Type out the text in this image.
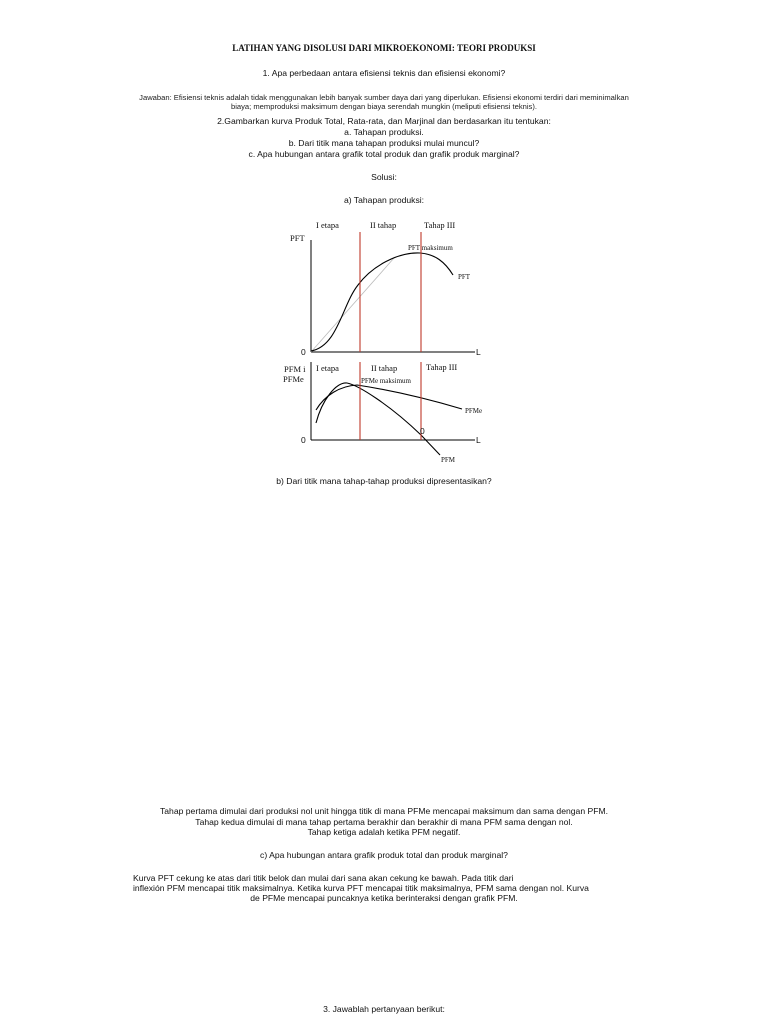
LATIHAN YANG DISOLUSI DARI MIKROEKONOMI: TEORI PRODUKSI
1. Apa perbedaan antara efisiensi teknis dan efisiensi ekonomi?
Jawaban: Efisiensi teknis adalah tidak menggunakan lebih banyak sumber daya dari yang diperlukan. Efisiensi ekonomi terdiri dari meminimalkan
biaya; memproduksi maksimum dengan biaya serendah mungkin (meliputi efisiensi teknis).
2.Gambarkan kurva Produk Total, Rata-rata, dan Marjinal dan berdasarkan itu tentukan:
a. Tahapan produksi.
b. Dari titik mana tahapan produksi mulai muncul?
c. Apa hubungan antara grafik total produk dan grafik produk marginal?
Solusi:
a) Tahapan produksi:
I etapa	II tahap	Tahap III
PFT
PFT maksimum
PFT
0	L
I etapa	II tahap	Tahap III
PFM i
PFMe	PFMe maksimum
PFMe
PFM
0
0
L
b) Dari titik mana tahap-tahap produksi dipresentasikan?
Tahap pertama dimulai dari produksi nol unit hingga titik di mana PFMe mencapai maksimum dan sama dengan PFM.
Tahap kedua dimulai di mana tahap pertama berakhir dan berakhir di mana PFM sama dengan nol.
Tahap ketiga adalah ketika PFM negatif.
c) Apa hubungan antara grafik produk total dan produk marginal?
Kurva PFT cekung ke atas dari titik belok dan mulai dari sana akan cekung ke bawah. Pada titik dari
inflexión PFM mencapai titik maksimalnya. Ketika kurva PFT mencapai titik maksimalnya, PFM sama dengan nol. Kurva
de PFMe mencapai puncaknya ketika berinteraksi dengan grafik PFM.
3. Jawablah pertanyaan berikut:
